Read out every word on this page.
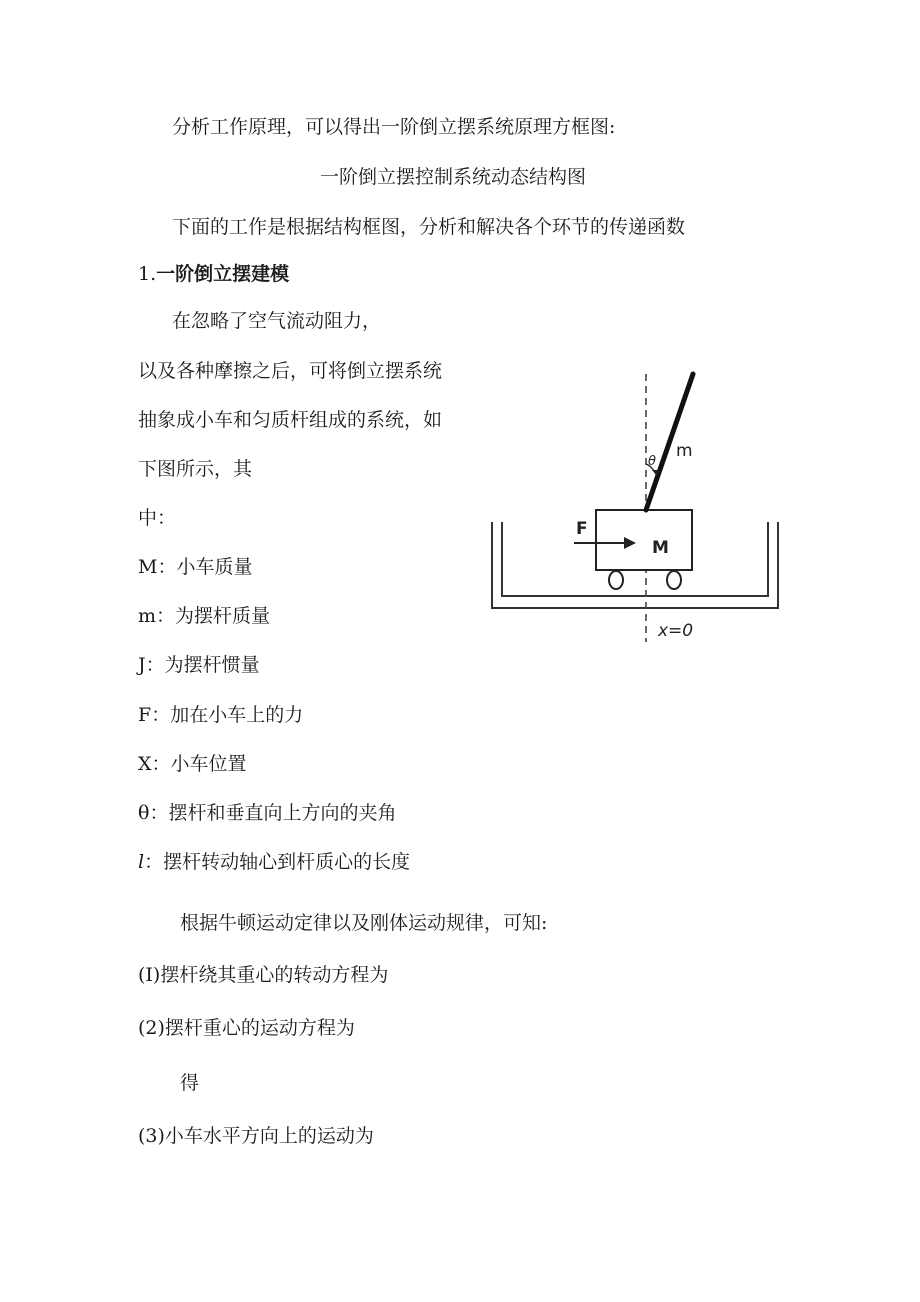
分析工作原理，可以得出一阶倒立摆系统原理方框图:

一阶倒立摆控制系统动态结构图

下面的工作是根据结构框图，分析和解决各个环节的传递函数

1.一阶倒立摆建模

在忽略了空气流动阻力，

以及各种摩擦之后，可将倒立摆系统

抽象成小车和匀质杆组成的系统，如

下图所示，其

中：

M：小车质量

m：为摆杆质量

J：为摆杆惯量

F：加在小车上的力

X：小车位置

θ：摆杆和垂直向上方向的夹角

l：摆杆转动轴心到杆质心的长度

根据牛顿运动定律以及刚体运动规律，可知:

(I)摆杆绕其重心的转动方程为

(2)摆杆重心的运动方程为

得

(3)小车水平方向上的运动为

m
θ
F
M
x=0
